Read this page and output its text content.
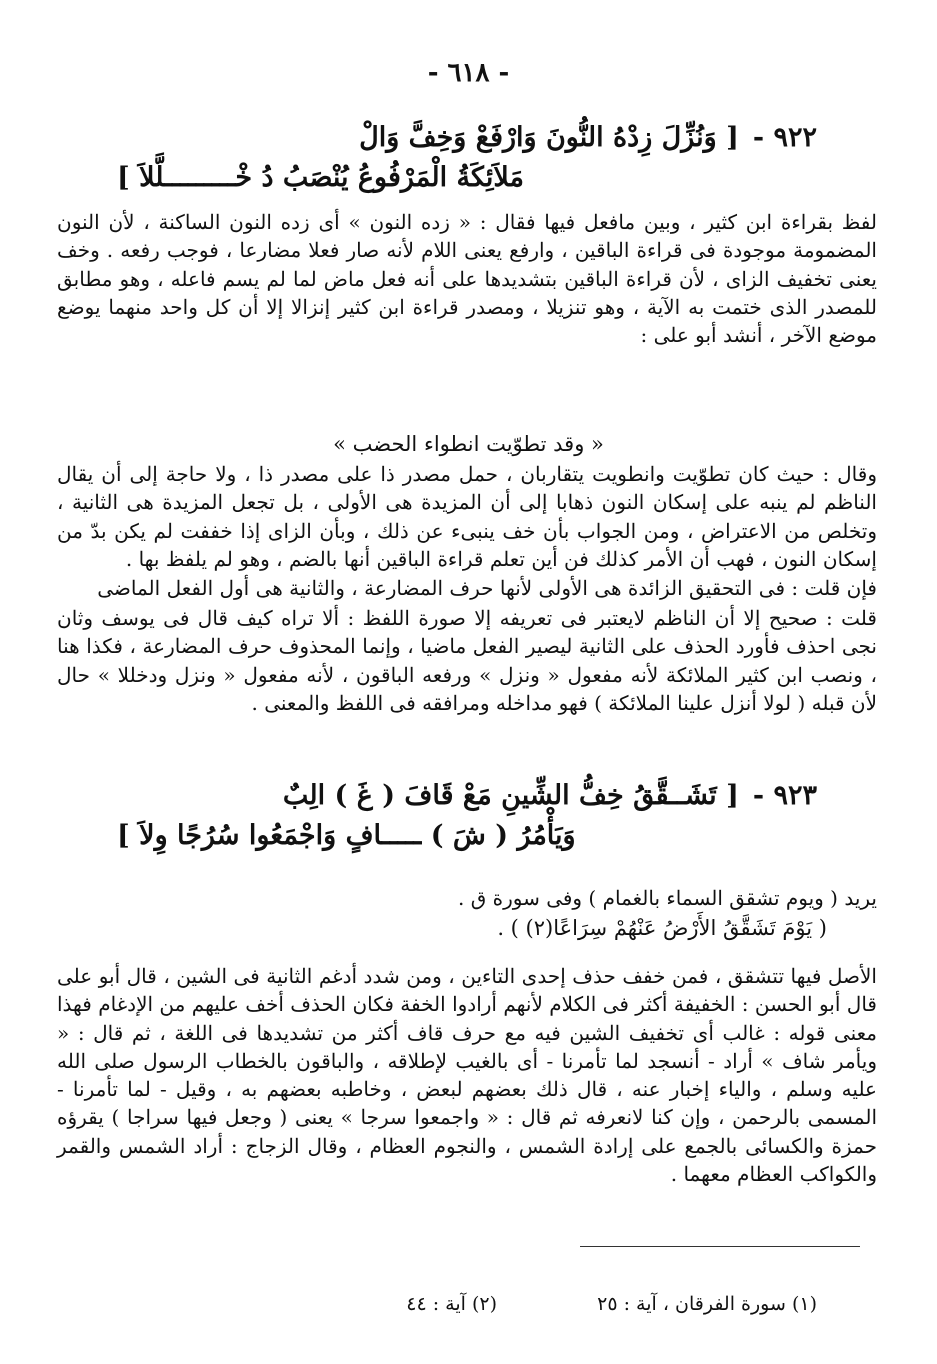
- ٦١٨ -
٩٢٢ -[ وَنُزِّلَ زِدْهُ النُّونَ وَارْفَعْ وَخِفَّ وَالْ
مَلاَئِكَةُ الْمَرْفُوعُ يُنْصَبُ دُ خْـــــــــلَّلاَ ]
لفظ بقراءة ابن كثير ، وبين مافعل فيها فقال : « زده النون » أى زده النون الساكنة ، لأن النون المضمومة موجودة فى قراءة الباقين ، وارفع يعنى اللام لأنه صار فعلا مضارعا ، فوجب رفعه . وخف يعنى تخفيف الزاى ، لأن قراءة الباقين بتشديدها على أنه فعل ماض لما لم يسم فاعله ، وهو مطابق للمصدر الذى ختمت به الآية ، وهو تنزيلا ، ومصدر قراءة ابن كثير إنزالا إلا أن كل واحد منهما يوضع موضع الآخر ، أنشد أبو على :
« وقد تطوّيت انطواء الحضب »
وقال : حيث كان تطوّيت وانطويت يتقاربان ، حمل مصدر ذا على مصدر ذا ، ولا حاجة إلى أن يقال الناظم لم ينبه على إسكان النون ذهابا إلى أن المزيدة هى الأولى ، بل تجعل المزيدة هى الثانية ، وتخلص من الاعتراض ، ومن الجواب بأن خف ينبىء عن ذلك ، وبأن الزاى إذا خففت لم يكن بدّ من إسكان النون ، فهب أن الأمر كذلك فن أين تعلم قراءة الباقين أنها بالضم ، وهو لم يلفظ بها .
فإن قلت : فى التحقيق الزائدة هى الأولى لأنها حرف المضارعة ، والثانية هى أول الفعل الماضى
قلت : صحيح إلا أن الناظم لايعتبر فى تعريفه إلا صورة اللفظ : ألا تراه كيف قال فى يوسف وثان نجى احذف فأورد الحذف على الثانية ليصير الفعل ماضيا ، وإنما المحذوف حرف المضارعة ، فكذا هنا ، ونصب ابن كثير الملائكة لأنه مفعول « ونزل » ورفعه الباقون ، لأنه مفعول « ونزل ودخللا » حال لأن قبله ( لولا أنزل علينا الملائكة ) فهو مداخله ومرافقه فى اللفظ والمعنى .
٩٢٣ -[ تَشَــقَّقُ خِفُّ الشِّينِ مَعْ قَافَ ( غَ ) الِبٌ
وَيَأْمُرُ ( شَ ) ـــــافٍ وَاجْمَعُوا سُرُجًا وِلاَ ]
يريد ( ويوم تشقق السماء بالغمام ) وفى سورة ق .
( يَوْمَ تَشَقَّقُ الأَرْضُ عَنْهُمْ سِرَاعًا(٢) ) .
الأصل فيها تتشقق ، فمن خفف حذف إحدى التاءين ، ومن شدد أدغم الثانية فى الشين ، قال أبو على قال أبو الحسن : الخفيفة أكثر فى الكلام لأنهم أرادوا الخفة فكان الحذف أخف عليهم من الإدغام فهذا معنى قوله : غالب أى تخفيف الشين فيه مع حرف قاف أكثر من تشديدها فى اللغة ، ثم قال : « ويأمر شاف » أراد - أنسجد لما تأمرنا - أى بالغيب لإطلاقه ، والباقون بالخطاب الرسول صلى الله عليه وسلم ، والياء إخبار عنه ، قال ذلك بعضهم لبعض ، وخاطبه بعضهم به ، وقيل - لما تأمرنا - المسمى بالرحمن ، وإن كنا لانعرفه ثم قال : « واجمعوا سرجا » يعنى ( وجعل فيها سراجا ) يقرؤه حمزة والكسائى بالجمع على إرادة الشمس ، والنجوم العظام ، وقال الزجاج : أراد الشمس والقمر والكواكب العظام معهما .
(١) سورة الفرقان ، آية : ٢٥
(٢) آية : ٤٤
